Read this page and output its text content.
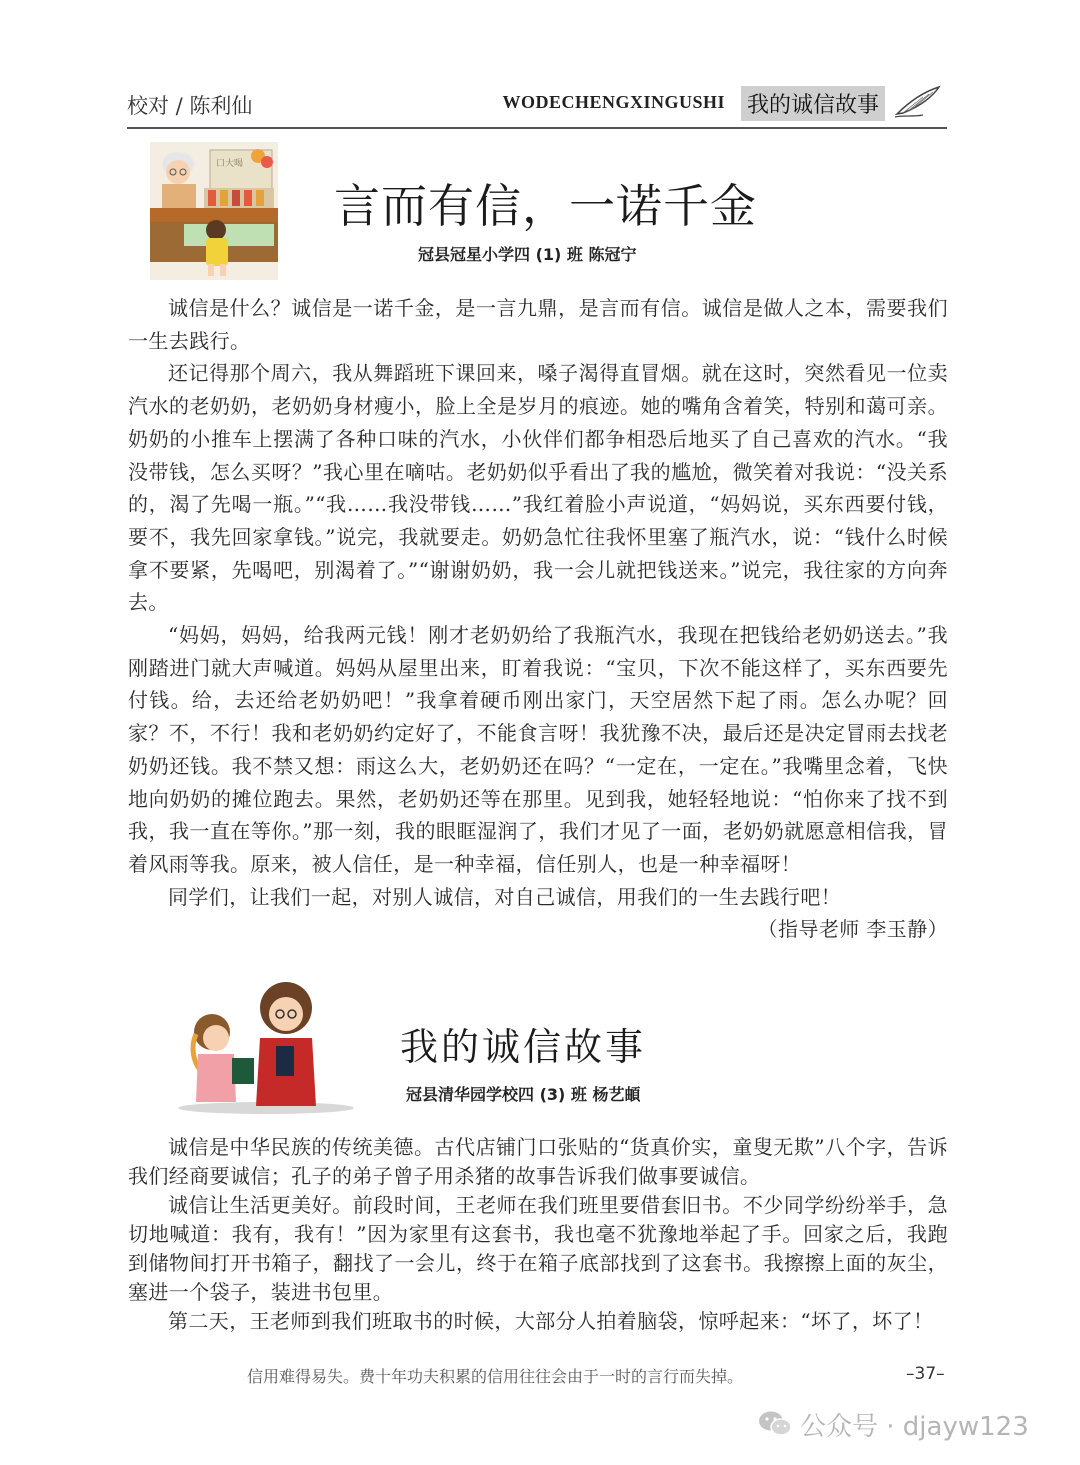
校对 / 陈利仙	WODECHENGXINGUSHI 我的诚信故事
口大喝
言而有信，一诺千金
冠县冠星小学四 (1) 班 陈冠宁

诚信是什么？诚信是一诺千金，是一言九鼎，是言而有信。诚信是做人之本，需要我们一生去践行。

还记得那个周六，我从舞蹈班下课回来，嗓子渴得直冒烟。就在这时，突然看见一位卖汽水的老奶奶，老奶奶身材瘦小，脸上全是岁月的痕迹。她的嘴角含着笑，特别和蔼可亲。奶奶的小推车上摆满了各种口味的汽水，小伙伴们都争相恐后地买了自己喜欢的汽水。“我没带钱，怎么买呀？”我心里在嘀咕。老奶奶似乎看出了我的尴尬，微笑着对我说：“没关系的，渴了先喝一瓶。”“我……我没带钱……”我红着脸小声说道，“妈妈说，买东西要付钱，要不，我先回家拿钱。”说完，我就要走。奶奶急忙往我怀里塞了瓶汽水，说：“钱什么时候拿不要紧，先喝吧，别渴着了。”“谢谢奶奶，我一会儿就把钱送来。”说完，我往家的方向奔去。

“妈妈，妈妈，给我两元钱！刚才老奶奶给了我瓶汽水，我现在把钱给老奶奶送去。”我刚踏进门就大声喊道。妈妈从屋里出来，盯着我说：“宝贝，下次不能这样了，买东西要先付钱。给，去还给老奶奶吧！”我拿着硬币刚出家门，天空居然下起了雨。怎么办呢？回家？不，不行！我和老奶奶约定好了，不能食言呀！我犹豫不决，最后还是决定冒雨去找老奶奶还钱。我不禁又想：雨这么大，老奶奶还在吗？“一定在，一定在。”我嘴里念着，飞快地向奶奶的摊位跑去。果然，老奶奶还等在那里。见到我，她轻轻地说：“怕你来了找不到我，我一直在等你。”那一刻，我的眼眶湿润了，我们才见了一面，老奶奶就愿意相信我，冒着风雨等我。原来，被人信任，是一种幸福，信任别人，也是一种幸福呀！

同学们，让我们一起，对别人诚信，对自己诚信，用我们的一生去践行吧！

（指导老师 李玉静）

我的诚信故事
冠县清华园学校四 (3) 班 杨艺頔

诚信是中华民族的传统美德。古代店铺门口张贴的“货真价实，童叟无欺”八个字，告诉我们经商要诚信；孔子的弟子曾子用杀猪的故事告诉我们做事要诚信。

诚信让生活更美好。前段时间，王老师在我们班里要借套旧书。不少同学纷纷举手，急切地喊道：我有，我有！”因为家里有这套书，我也毫不犹豫地举起了手。回家之后，我跑到储物间打开书箱子，翻找了一会儿，终于在箱子底部找到了这套书。我擦擦上面的灰尘，塞进一个袋子，装进书包里。

第二天，王老师到我们班取书的时候，大部分人拍着脑袋，惊呼起来：“坏了，坏了！

信用难得易失。费十年功夫积累的信用往往会由于一时的言行而失掉。	–37–
公众号 · djayw123
